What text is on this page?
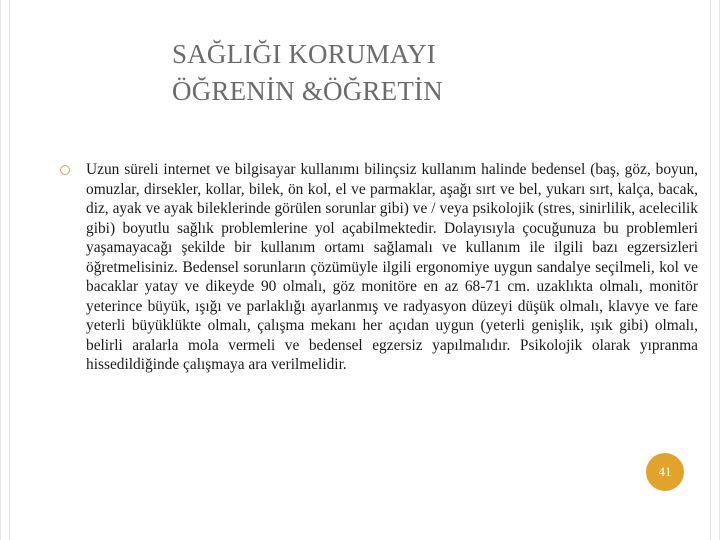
SAĞLIĞI KORUMAYI
ÖĞRENİN &ÖĞRETİN

Uzun süreli internet ve bilgisayar kullanımı bilinçsiz kullanım halinde bedensel (baş, göz, boyun, omuzlar, dirsekler, kollar, bilek, ön kol, el ve parmaklar, aşağı sırt ve bel, yukarı sırt, kalça, bacak, diz, ayak ve ayak bileklerinde görülen sorunlar gibi) ve / veya psikolojik (stres, sinirlilik, acelecilik gibi) boyutlu sağlık problemlerine yol açabilmektedir. Dolayısıyla çocuğunuza bu problemleri yaşamayacağı şekilde bir kullanım ortamı sağlamalı ve kullanım ile ilgili bazı egzersizleri öğretmelisiniz. Bedensel sorunların çözümüyle ilgili ergonomiye uygun sandalye seçilmeli, kol ve bacaklar yatay ve dikeyde 90 olmalı, göz monitöre en az 68-71 cm. uzaklıkta olmalı, monitör yeterince büyük, ışığı ve parlaklığı ayarlanmış ve radyasyon düzeyi düşük olmalı, klavye ve fare yeterli büyüklükte olmalı, çalışma mekanı her açıdan uygun (yeterli genişlik, ışık gibi) olmalı, belirli aralarla mola vermeli ve bedensel egzersiz yapılmalıdır. Psikolojik olarak yıpranma hissedildiğinde çalışmaya ara verilmelidir.

41
